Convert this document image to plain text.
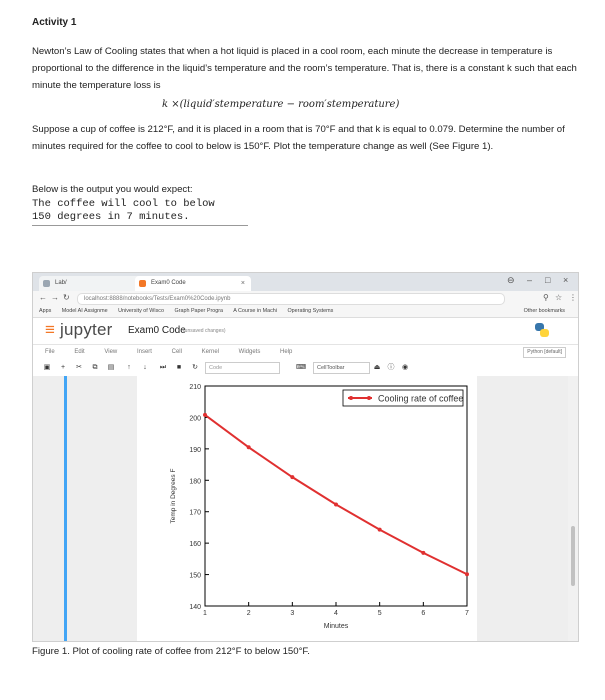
Activity 1

Newton’s Law of Cooling states that when a hot liquid is placed in a cool room, each minute the decrease in temperature is proportional to the difference in the liquid’s temperature and the room’s temperature. That is, there is a constant k such that each minute the temperature loss is

k ×(liquid′stemperature − room′stemperature)

Suppose a cup of coffee is 212°F, and it is placed in a room that is 70°F and that k is equal to 0.079. Determine the number of minutes required for the coffee to cool to below is 150°F. Plot the temperature change as well (See Figure 1).

Below is the output you would expect:

The coffee will cool to below
150 degrees in 7 minutes.
Lab/	Exam0 Code	×	⊖ – □ ×
← → ↻	localhost:8888/notebooks/Tests/Exam0%20Code.ipynb	⚲ ☆ ⋮
Apps Model AI Assignme University of Wisco Graph Paper Progra A Course in Machi Operating Systems	Other bookmarks
≡ jupyter Exam0 Code
(unsaved changes)
File	Edit	View	Insert	Cell	Kernel	Widgets	Help	Python [default]
▣	+	✂	⧉	▤	↑	↓	⏭	■	↻	Code	⌨	CellToolbar	⏏	ⓘ	◉
140
150
160
170
180
190
200
210
1	2	3	4	5	6	7
Minutes
Temp in Degrees F
Cooling rate of coffee
Figure 1. Plot of cooling rate of coffee from 212°F to below 150°F.
